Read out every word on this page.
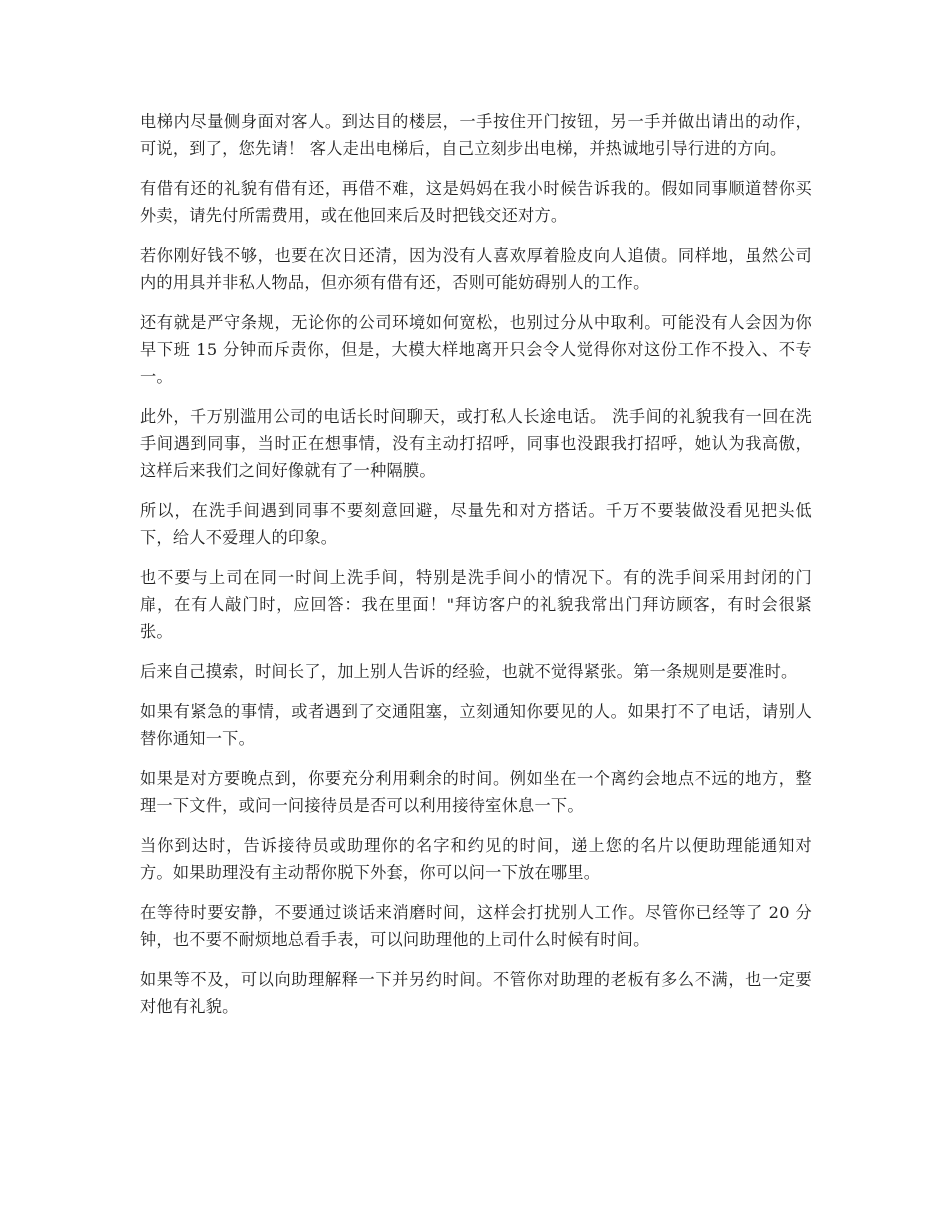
电梯内尽量侧身面对客人。到达目的楼层，一手按住开门按钮，另一手并做出请出的动作，可说，到了，您先请！ 客人走出电梯后，自己立刻步出电梯，并热诚地引导行进的方向。

有借有还的礼貌有借有还，再借不难，这是妈妈在我小时候告诉我的。假如同事顺道替你买外卖，请先付所需费用，或在他回来后及时把钱交还对方。

若你刚好钱不够，也要在次日还清，因为没有人喜欢厚着脸皮向人追债。同样地，虽然公司内的用具并非私人物品，但亦须有借有还，否则可能妨碍别人的工作。

还有就是严守条规，无论你的公司环境如何宽松，也别过分从中取利。可能没有人会因为你早下班 15 分钟而斥责你，但是，大模大样地离开只会令人觉得你对这份工作不投入、不专一。

此外，千万别滥用公司的电话长时间聊天，或打私人长途电话。 洗手间的礼貌我有一回在洗手间遇到同事，当时正在想事情，没有主动打招呼，同事也没跟我打招呼，她认为我高傲，这样后来我们之间好像就有了一种隔膜。

所以，在洗手间遇到同事不要刻意回避，尽量先和对方搭话。千万不要装做没看见把头低下，给人不爱理人的印象。

也不要与上司在同一时间上洗手间，特别是洗手间小的情况下。有的洗手间采用封闭的门扉，在有人敲门时，应回答：我在里面！"拜访客户的礼貌我常出门拜访顾客，有时会很紧张。

后来自己摸索，时间长了，加上别人告诉的经验，也就不觉得紧张。第一条规则是要准时。

如果有紧急的事情，或者遇到了交通阻塞，立刻通知你要见的人。如果打不了电话，请别人替你通知一下。

如果是对方要晚点到，你要充分利用剩余的时间。例如坐在一个离约会地点不远的地方，整理一下文件，或问一问接待员是否可以利用接待室休息一下。

当你到达时，告诉接待员或助理你的名字和约见的时间，递上您的名片以便助理能通知对方。如果助理没有主动帮你脱下外套，你可以问一下放在哪里。

在等待时要安静，不要通过谈话来消磨时间，这样会打扰别人工作。尽管你已经等了 20 分钟，也不要不耐烦地总看手表，可以问助理他的上司什么时候有时间。

如果等不及，可以向助理解释一下并另约时间。不管你对助理的老板有多么不满，也一定要对他有礼貌。
